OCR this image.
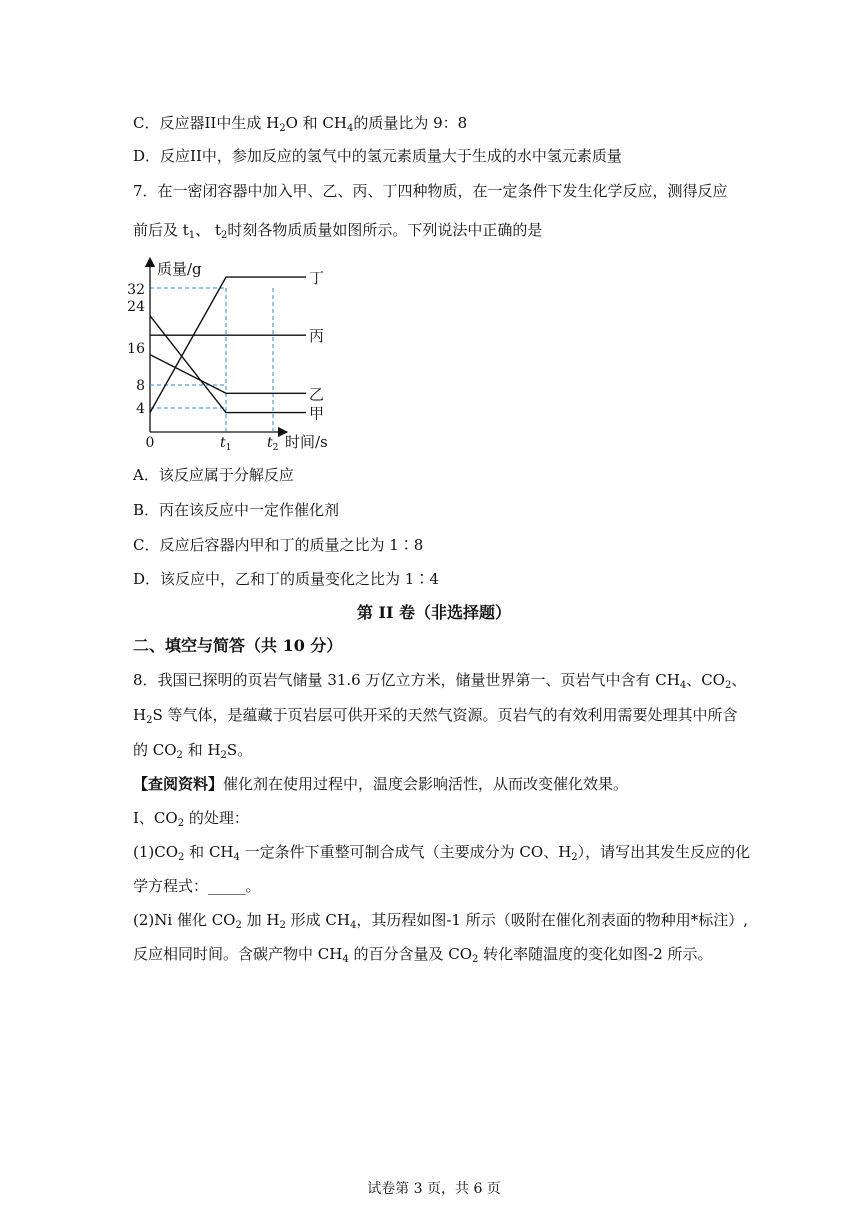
C．反应器II中生成 $H_2O$ 和 $CH_4$的质量比为 9：8
D．反应II中，参加反应的氢气中的氢元素质量大于生成的水中氢元素质量
7．在一密闭容器中加入甲、乙、丙、丁四种物质，在一定条件下发生化学反应，测得反应
前后及 $t_1$、 $t_2$时刻各物质质量如图所示。下列说法中正确的是
质量/g
时间/s
32
24
16
8
4
0	$t_1$	$t_2$
丁
丙
乙
甲
A．该反应属于分解反应
B．丙在该反应中一定作催化剂
C．反应后容器内甲和丁的质量之比为 1∶8
D．该反应中，乙和丁的质量变化之比为 1∶4
第 II 卷（非选择题）
二、填空与简答（共 10 分）
8．我国已探明的页岩气储量 31.6 万亿立方米，储量世界第一、页岩气中含有 $CH_4$、$CO_2$、
$H_2S$ 等气体，是蕴藏于页岩层可供开采的天然气资源。页岩气的有效利用需要处理其中所含
的 $CO_2$ 和 $H_2S$。
【查阅资料】催化剂在使用过程中，温度会影响活性，从而改变催化效果。
I、$CO_2$ 的处理：
$(1)CO_2$ 和 $CH_4$ 一定条件下重整可制合成气（主要成分为 CO、$H_2$），请写出其发生反应的化
学方程式：_____。
(2)Ni 催化 $CO_2$ 加 $H_2$ 形成 $CH_4$，其历程如图-1 所示（吸附在催化剂表面的物种用*标注）,
反应相同时间。含碳产物中 $CH_4$ 的百分含量及 $CO_2$ 转化率随温度的变化如图-2 所示。
试卷第 3 页，共 6 页
